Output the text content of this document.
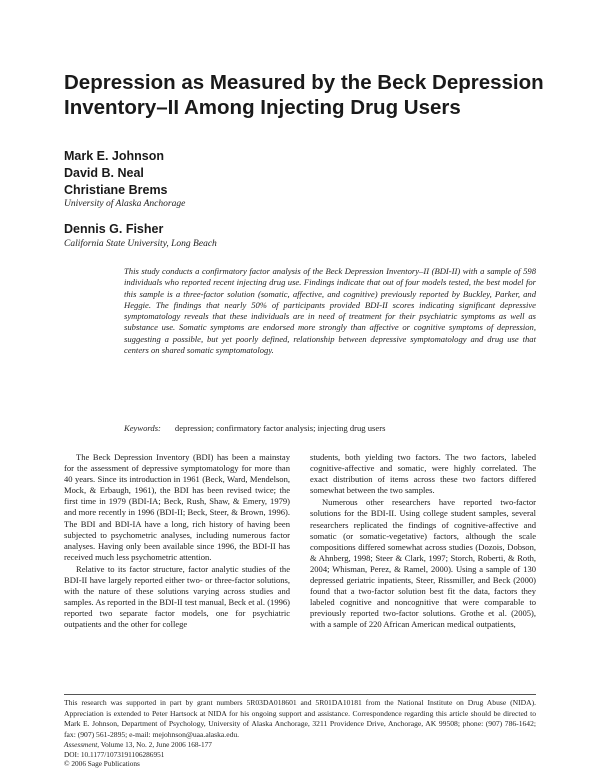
Depression as Measured by the Beck Depression Inventory–II Among Injecting Drug Users
Mark E. Johnson
David B. Neal
Christiane Brems
University of Alaska Anchorage
Dennis G. Fisher
California State University, Long Beach

This study conducts a confirmatory factor analysis of the Beck Depression Inventory–II (BDI-II) with a sample of 598 individuals who reported recent injecting drug use. Findings indicate that out of four models tested, the best model for this sample is a three-factor solution (somatic, affective, and cognitive) previously reported by Buckley, Parker, and Heggie. The findings that nearly 50% of participants provided BDI-II scores indicating significant depressive symptomatology reveals that these individuals are in need of treatment for their psychiatric symptoms as well as substance use. Somatic symptoms are endorsed more strongly than affective or cognitive symptoms of depression, suggesting a possible, but yet poorly defined, relationship between depressive symptomatology and drug use that centers on shared somatic symptomatology.

Keywords: depression; confirmatory factor analysis; injecting drug users

The Beck Depression Inventory (BDI) has been a mainstay for the assessment of depressive symptomatology for more than 40 years. Since its introduction in 1961 (Beck, Ward, Mendelson, Mock, & Erbaugh, 1961), the BDI has been revised twice; the first time in 1979 (BDI-IA; Beck, Rush, Shaw, & Emery, 1979) and more recently in 1996 (BDI-II; Beck, Steer, & Brown, 1996). The BDI and BDI-IA have a long, rich history of having been subjected to psychometric analyses, including numerous factor analyses. Having only been available since 1996, the BDI-II has received much less psychometric attention.

Relative to its factor structure, factor analytic studies of the BDI-II have largely reported either two- or three-factor solutions, with the nature of these solutions varying across studies and samples. As reported in the BDI-II test manual, Beck et al. (1996) reported two separate factor models, one for psychiatric outpatients and the other for college

students, both yielding two factors. The two factors, labeled cognitive-affective and somatic, were highly correlated. The exact distribution of items across these two factors differed somewhat between the two samples.

Numerous other researchers have reported two-factor solutions for the BDI-II. Using college student samples, several researchers replicated the findings of cognitive-affective and somatic (or somatic-vegetative) factors, although the scale compositions differed somewhat across studies (Dozois, Dobson, & Ahnberg, 1998; Steer & Clark, 1997; Storch, Roberti, & Roth, 2004; Whisman, Perez, & Ramel, 2000). Using a sample of 130 depressed geriatric inpatients, Steer, Rissmiller, and Beck (2000) found that a two-factor solution best fit the data, factors they labeled cognitive and noncognitive that were comparable to previously reported two-factor solutions. Grothe et al. (2005), with a sample of 220 African American medical outpatients,

This research was supported in part by grant numbers 5R03DA018601 and 5R01DA10181 from the National Institute on Drug Abuse (NIDA). Appreciation is extended to Peter Hartsock at NIDA for his ongoing support and assistance. Correspondence regarding this article should be directed to Mark E. Johnson, Department of Psychology, University of Alaska Anchorage, 3211 Providence Drive, Anchorage, AK 99508; phone: (907) 786-1642; fax: (907) 561-2895; e-mail: mejohnson@uaa.alaska.edu.

Assessment, Volume 13, No. 2, June 2006 168-177
DOI: 10.1177/1073191106286951
© 2006 Sage Publications
